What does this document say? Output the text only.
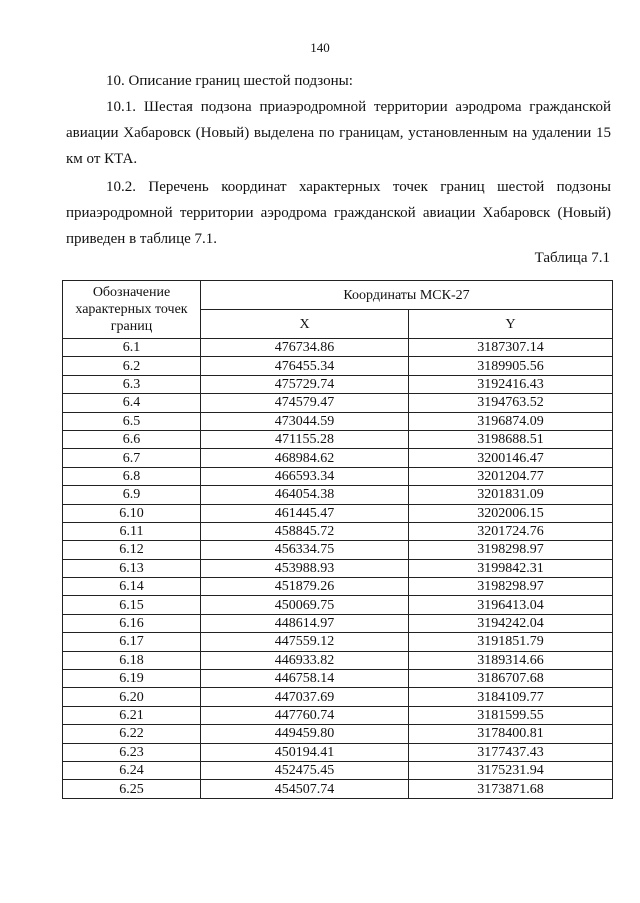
140

10. Описание границ шестой подзоны:

10.1. Шестая подзона приаэродромной территории аэродрома гражданской авиации Хабаровск (Новый) выделена по границам, установленным на удалении 15 км от КТА.

10.2. Перечень координат характерных точек границ шестой подзоны приаэродромной территории аэродрома гражданской авиации Хабаровск (Новый) приведен в таблице 7.1.

Таблица 7.1
Обозначение характерных точек границ	Координаты МСК-27	
	X	Y
6.1	476734.86	3187307.14
6.2	476455.34	3189905.56
6.3	475729.74	3192416.43
6.4	474579.47	3194763.52
6.5	473044.59	3196874.09
6.6	471155.28	3198688.51
6.7	468984.62	3200146.47
6.8	466593.34	3201204.77
6.9	464054.38	3201831.09
6.10	461445.47	3202006.15
6.11	458845.72	3201724.76
6.12	456334.75	3198298.97
6.13	453988.93	3199842.31
6.14	451879.26	3198298.97
6.15	450069.75	3196413.04
6.16	448614.97	3194242.04
6.17	447559.12	3191851.79
6.18	446933.82	3189314.66
6.19	446758.14	3186707.68
6.20	447037.69	3184109.77
6.21	447760.74	3181599.55
6.22	449459.80	3178400.81
6.23	450194.41	3177437.43
6.24	452475.45	3175231.94
6.25	454507.74	3173871.68
